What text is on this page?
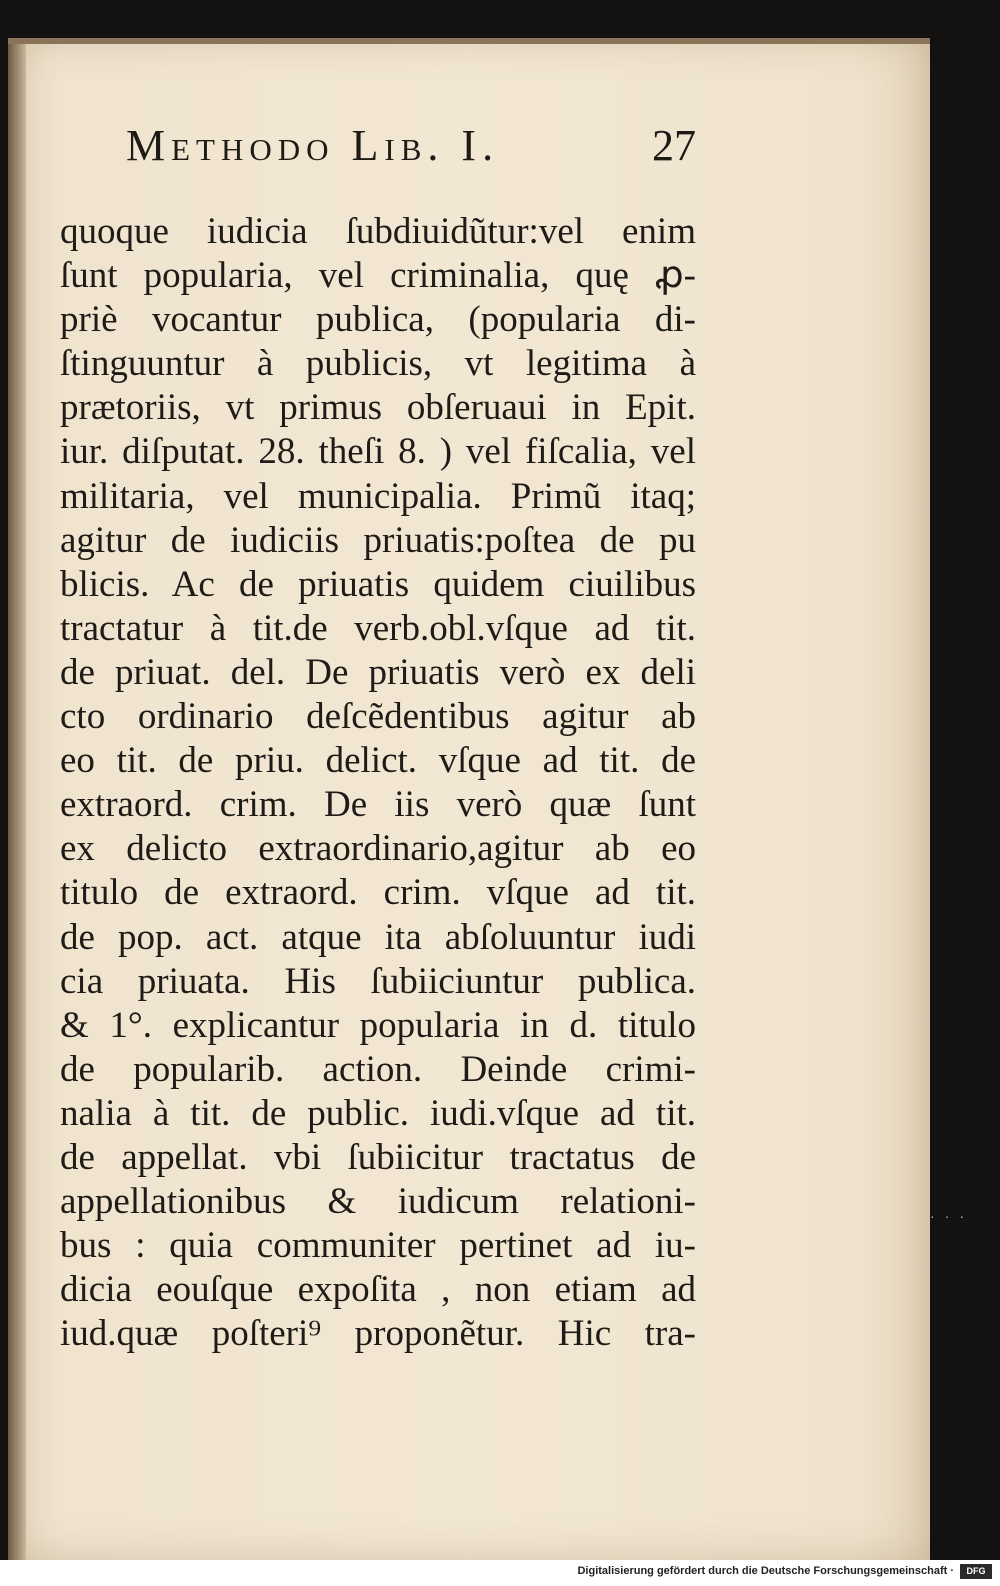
Methodo Lib. I.	27
quoque iudicia ſubdiuidũtur:vel enim
ſunt popularia, vel criminalia, quę ꝓ-
priè vocantur publica, (popularia di-
ſtinguuntur à publicis, vt legitima à
prætoriis, vt primus obſeruaui in Epit.
iur. diſputat. 28. theſi 8. ) vel fiſcalia, vel
militaria, vel municipalia. Primũ itaq;
agitur de iudiciis priuatis:poſtea de pu
blicis. Ac de priuatis quidem ciuilibus
tractatur à tit.de verb.obl.vſque ad tit.
de priuat. del. De priuatis verò ex deli
cto ordinario deſcẽdentibus agitur ab
eo tit. de priu. delict. vſque ad tit. de
extraord. crim. De iis verò quæ ſunt
ex delicto extraordinario,agitur ab eo
titulo de extraord. crim. vſque ad tit.
de pop. act. atque ita abſoluuntur iudi
cia priuata. His ſubiiciuntur publica.
& 1°. explicantur popularia in d. titulo
de popularib. action. Deinde crimi-
nalia à tit. de public. iudi.vſque ad tit.
de appellat. vbi ſubiicitur tractatus de
appellationibus & iudicum relationi-
bus : quia communiter pertinet ad iu-
dicia eouſque expoſita , non etiam ad
iud.quæ poſteri⁹ proponẽtur. Hic tra-
···
Digitalisierung gefördert durch die Deutsche Forschungsgemeinschaft ·	DFG
